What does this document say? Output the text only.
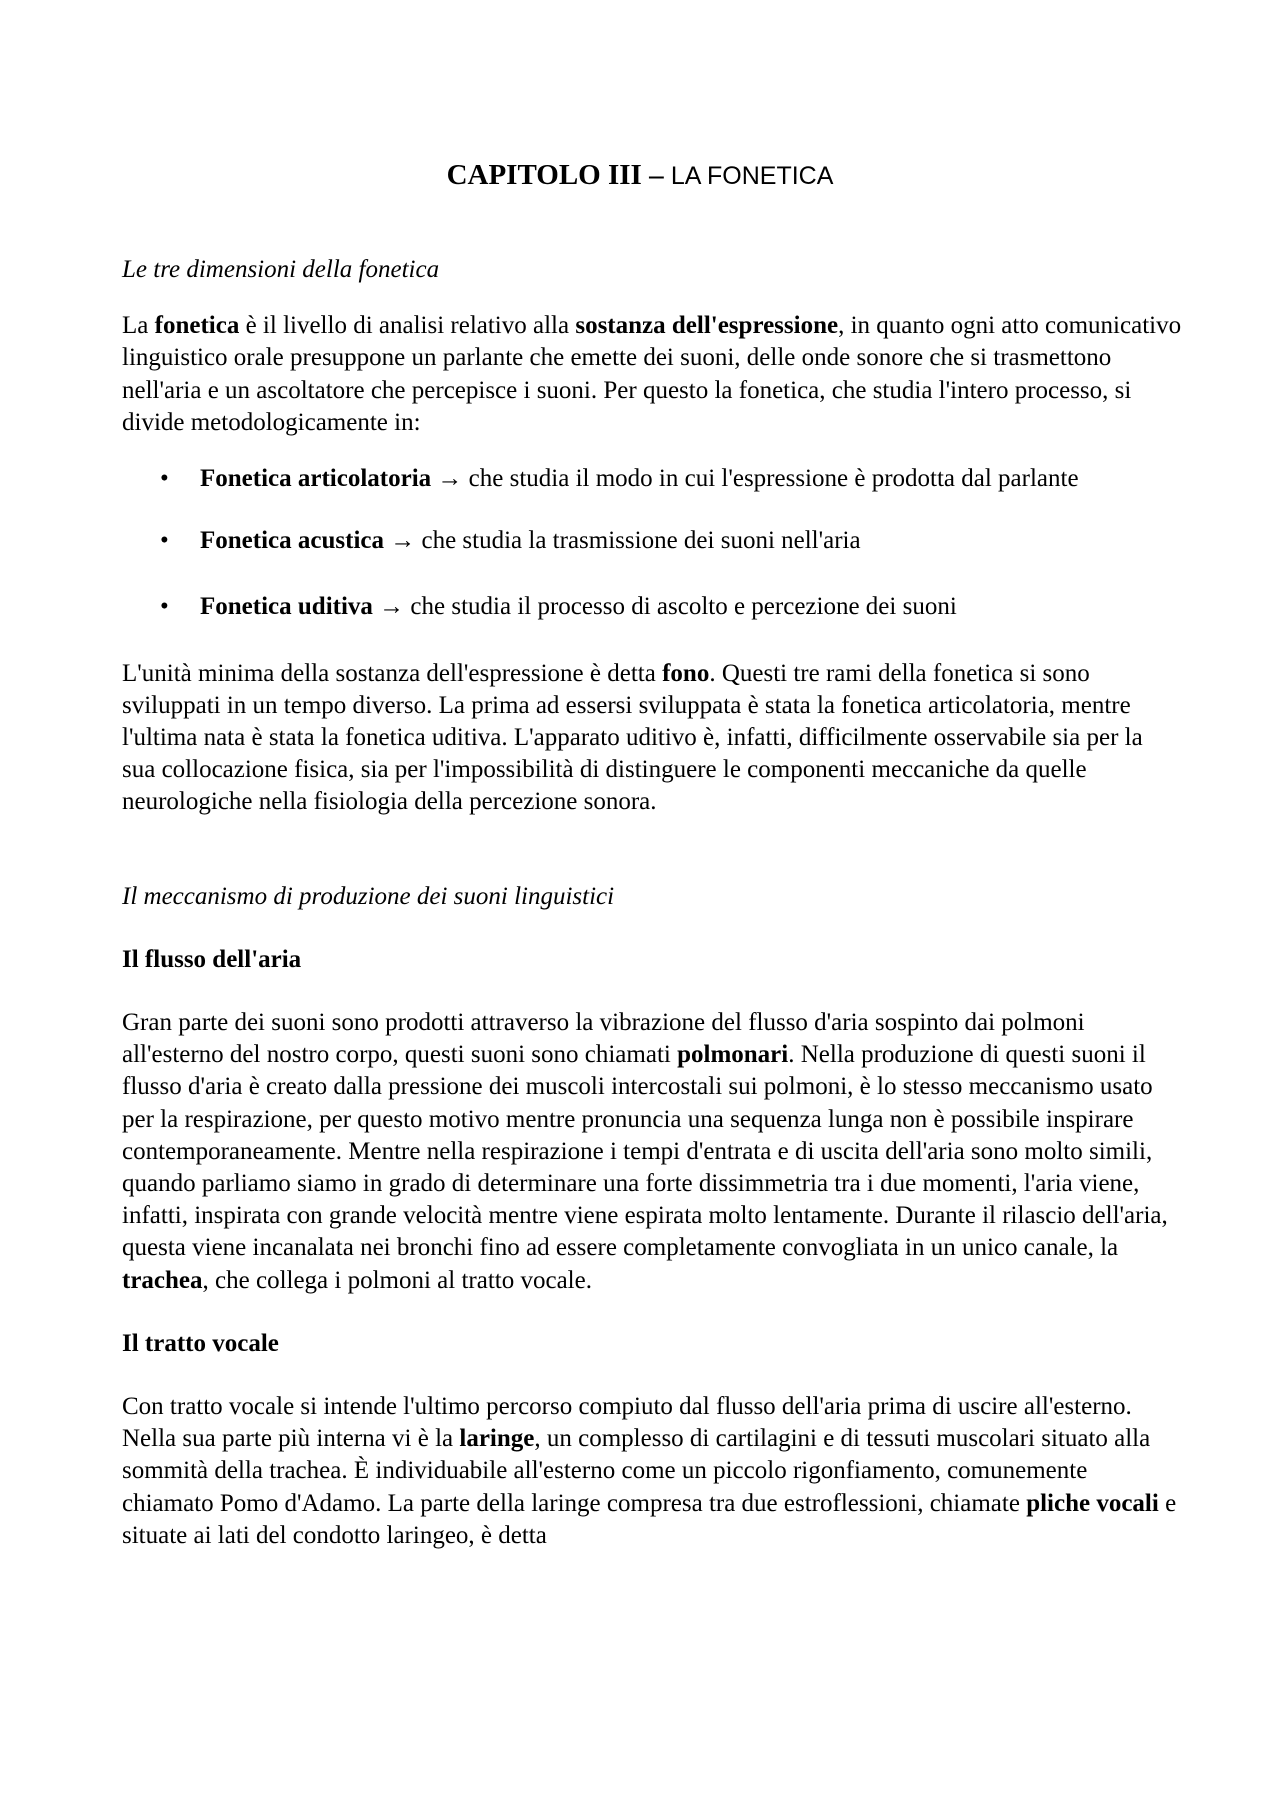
CAPITOLO III – LA FONETICA

Le tre dimensioni della fonetica

La fonetica è il livello di analisi relativo alla sostanza dell'espressione, in quanto ogni atto comunicativo linguistico orale presuppone un parlante che emette dei suoni, delle onde sonore che si trasmettono nell'aria e un ascoltatore che percepisce i suoni. Per questo la fonetica, che studia l'intero processo, si divide metodologicamente in:

• Fonetica articolatoria → che studia il modo in cui l'espressione è prodotta dal parlante
• Fonetica acustica → che studia la trasmissione dei suoni nell'aria
• Fonetica uditiva → che studia il processo di ascolto e percezione dei suoni

L'unità minima della sostanza dell'espressione è detta fono. Questi tre rami della fonetica si sono sviluppati in un tempo diverso. La prima ad essersi sviluppata è stata la fonetica articolatoria, mentre l'ultima nata è stata la fonetica uditiva. L'apparato uditivo è, infatti, difficilmente osservabile sia per la sua collocazione fisica, sia per l'impossibilità di distinguere le componenti meccaniche da quelle neurologiche nella fisiologia della percezione sonora.

Il meccanismo di produzione dei suoni linguistici

Il flusso dell'aria

Gran parte dei suoni sono prodotti attraverso la vibrazione del flusso d'aria sospinto dai polmoni all'esterno del nostro corpo, questi suoni sono chiamati polmonari. Nella produzione di questi suoni il flusso d'aria è creato dalla pressione dei muscoli intercostali sui polmoni, è lo stesso meccanismo usato per la respirazione, per questo motivo mentre pronuncia una sequenza lunga non è possibile inspirare contemporaneamente. Mentre nella respirazione i tempi d'entrata e di uscita dell'aria sono molto simili, quando parliamo siamo in grado di determinare una forte dissimmetria tra i due momenti, l'aria viene, infatti, inspirata con grande velocità mentre viene espirata molto lentamente. Durante il rilascio dell'aria, questa viene incanalata nei bronchi fino ad essere completamente convogliata in un unico canale, la trachea, che collega i polmoni al tratto vocale.

Il tratto vocale

Con tratto vocale si intende l'ultimo percorso compiuto dal flusso dell'aria prima di uscire all'esterno. Nella sua parte più interna vi è la laringe, un complesso di cartilagini e di tessuti muscolari situato alla sommità della trachea. È individuabile all'esterno come un piccolo rigonfiamento, comunemente chiamato Pomo d'Adamo. La parte della laringe compresa tra due estroflessioni, chiamate pliche vocali e situate ai lati del condotto laringeo, è detta
